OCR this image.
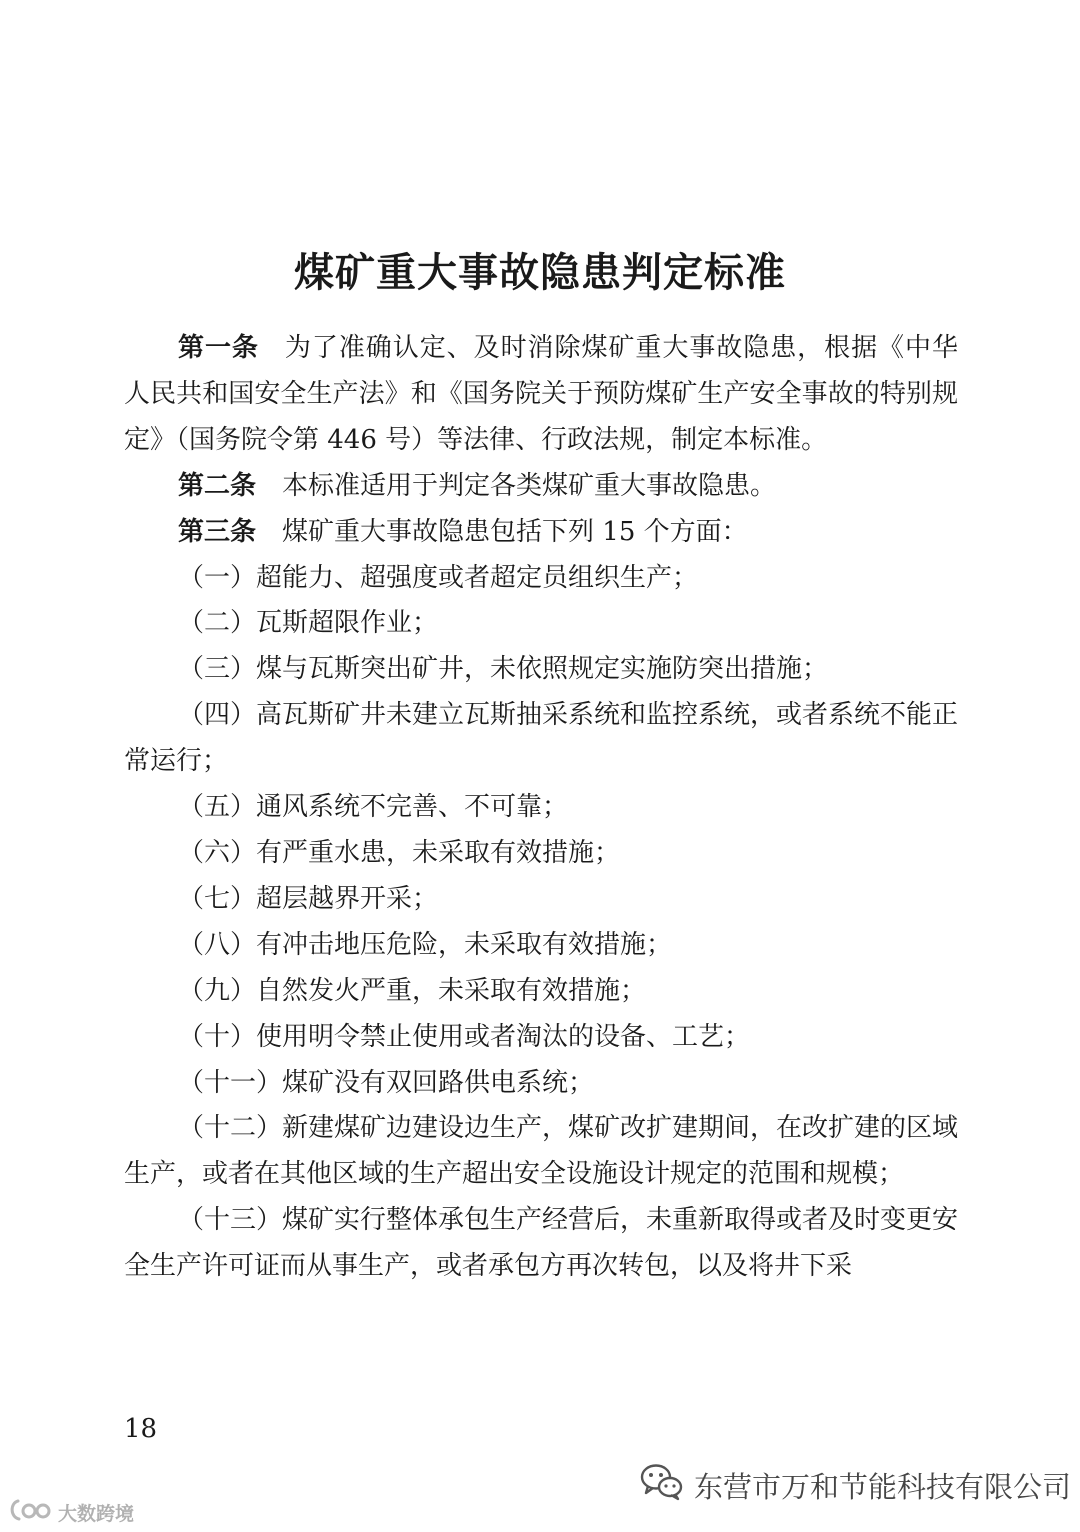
煤矿重大事故隐患判定标准

第一条 为了准确认定、及时消除煤矿重大事故隐患，根据《中华人民共和国安全生产法》和《国务院关于预防煤矿生产安全事故的特别规定》（国务院令第 446 号）等法律、行政法规，制定本标准。

第二条 本标准适用于判定各类煤矿重大事故隐患。

第三条 煤矿重大事故隐患包括下列 15 个方面：

（一）超能力、超强度或者超定员组织生产；

（二）瓦斯超限作业；

（三）煤与瓦斯突出矿井，未依照规定实施防突出措施；

（四）高瓦斯矿井未建立瓦斯抽采系统和监控系统，或者系统不能正常运行；

（五）通风系统不完善、不可靠；

（六）有严重水患，未采取有效措施；

（七）超层越界开采；

（八）有冲击地压危险，未采取有效措施；

（九）自然发火严重，未采取有效措施；

（十）使用明令禁止使用或者淘汰的设备、工艺；

（十一）煤矿没有双回路供电系统；

（十二）新建煤矿边建设边生产，煤矿改扩建期间，在改扩建的区域生产，或者在其他区域的生产超出安全设施设计规定的范围和规模；

（十三）煤矿实行整体承包生产经营后，未重新取得或者及时变更安全生产许可证而从事生产，或者承包方再次转包，以及将井下采

18
东营市万和节能科技有限公司
大数跨境
